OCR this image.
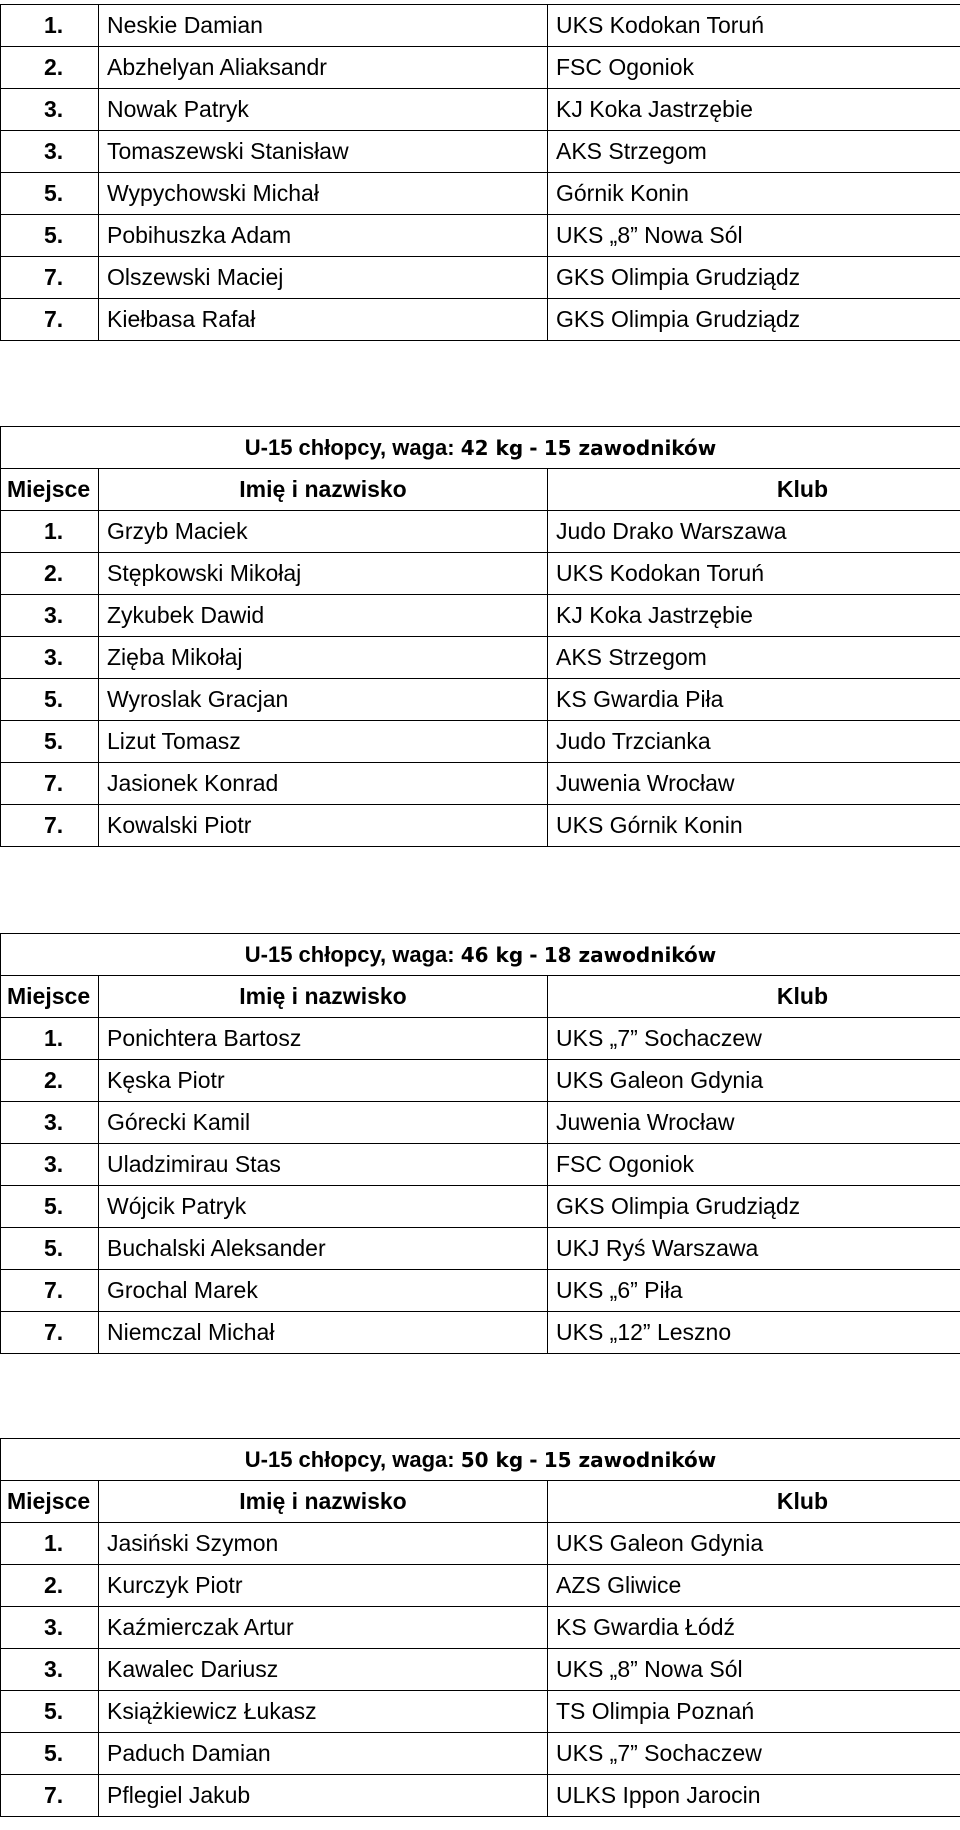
1.	Neskie Damian	UKS Kodokan Toruń
2.	Abzhelyan Aliaksandr	FSC Ogoniok
3.	Nowak Patryk	KJ Koka Jastrzębie
3.	Tomaszewski Stanisław	AKS Strzegom
5.	Wypychowski Michał	Górnik Konin
5.	Pobihuszka Adam	UKS „8” Nowa Sól
7.	Olszewski Maciej	GKS Olimpia Grudziądz
7.	Kiełbasa Rafał	GKS Olimpia Grudziądz
U-15 chłopcy, waga: 42 kg - 15 zawodników		
Miejsce	Imię i nazwisko	Klub
1.	Grzyb Maciek	Judo Drako Warszawa
2.	Stępkowski Mikołaj	UKS Kodokan Toruń
3.	Zykubek Dawid	KJ Koka Jastrzębie
3.	Zięba Mikołaj	AKS Strzegom
5.	Wyroslak Gracjan	KS Gwardia Piła
5.	Lizut Tomasz	Judo Trzcianka
7.	Jasionek Konrad	Juwenia Wrocław
7.	Kowalski Piotr	UKS Górnik Konin
U-15 chłopcy, waga: 46 kg - 18 zawodników		
Miejsce	Imię i nazwisko	Klub
1.	Ponichtera Bartosz	UKS „7” Sochaczew
2.	Kęska Piotr	UKS Galeon Gdynia
3.	Górecki Kamil	Juwenia Wrocław
3.	Uladzimirau Stas	FSC Ogoniok
5.	Wójcik Patryk	GKS Olimpia Grudziądz
5.	Buchalski Aleksander	UKJ Ryś Warszawa
7.	Grochal Marek	UKS „6” Piła
7.	Niemczal Michał	UKS „12” Leszno
U-15 chłopcy, waga: 50 kg - 15 zawodników		
Miejsce	Imię i nazwisko	Klub
1.	Jasiński Szymon	UKS Galeon Gdynia
2.	Kurczyk Piotr	AZS Gliwice
3.	Kaźmierczak Artur	KS Gwardia Łódź
3.	Kawalec Dariusz	UKS „8” Nowa Sól
5.	Książkiewicz Łukasz	TS Olimpia Poznań
5.	Paduch Damian	UKS „7” Sochaczew
7.	Pflegiel Jakub	ULKS Ippon Jarocin
